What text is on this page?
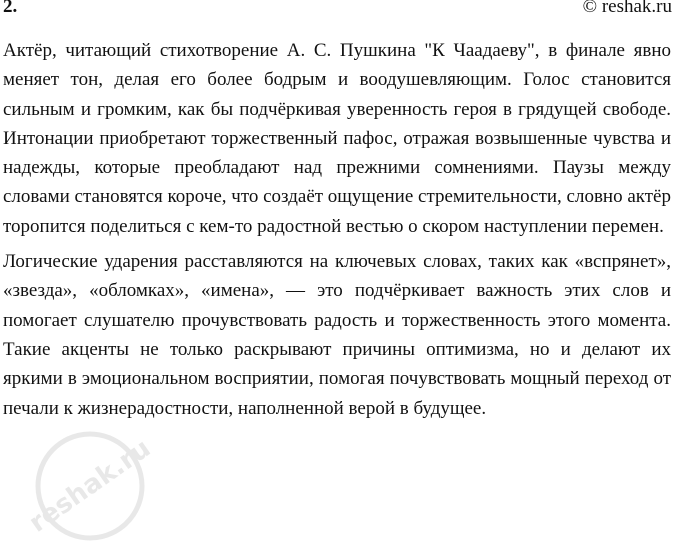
2.	© reshak.ru

Актёр, читающий стихотворение А. С. Пушкина "К Чаадаеву", в финале явно меняет тон, делая его более бодрым и воодушевляющим. Голос становится сильным и громким, как бы подчёркивая уверенность героя в грядущей свободе. Интонации приобретают торжественный пафос, отражая возвышенные чувства и надежды, которые преобладают над прежними сомнениями. Паузы между словами становятся короче, что создаёт ощущение стремительности, словно актёр торопится поделиться с кем-то радостной вестью о скором наступлении перемен.

Логические ударения расставляются на ключевых словах, таких как «вспрянет», «звезда», «обломках», «имена», — это подчёркивает важность этих слов и помогает слушателю прочувствовать радость и торжественность этого момента. Такие акценты не только раскрывают причины оптимизма, но и делают их яркими в эмоциональном восприятии, помогая почувствовать мощный переход от печали к жизнерадостности, наполненной верой в будущее.

reshak.ru
